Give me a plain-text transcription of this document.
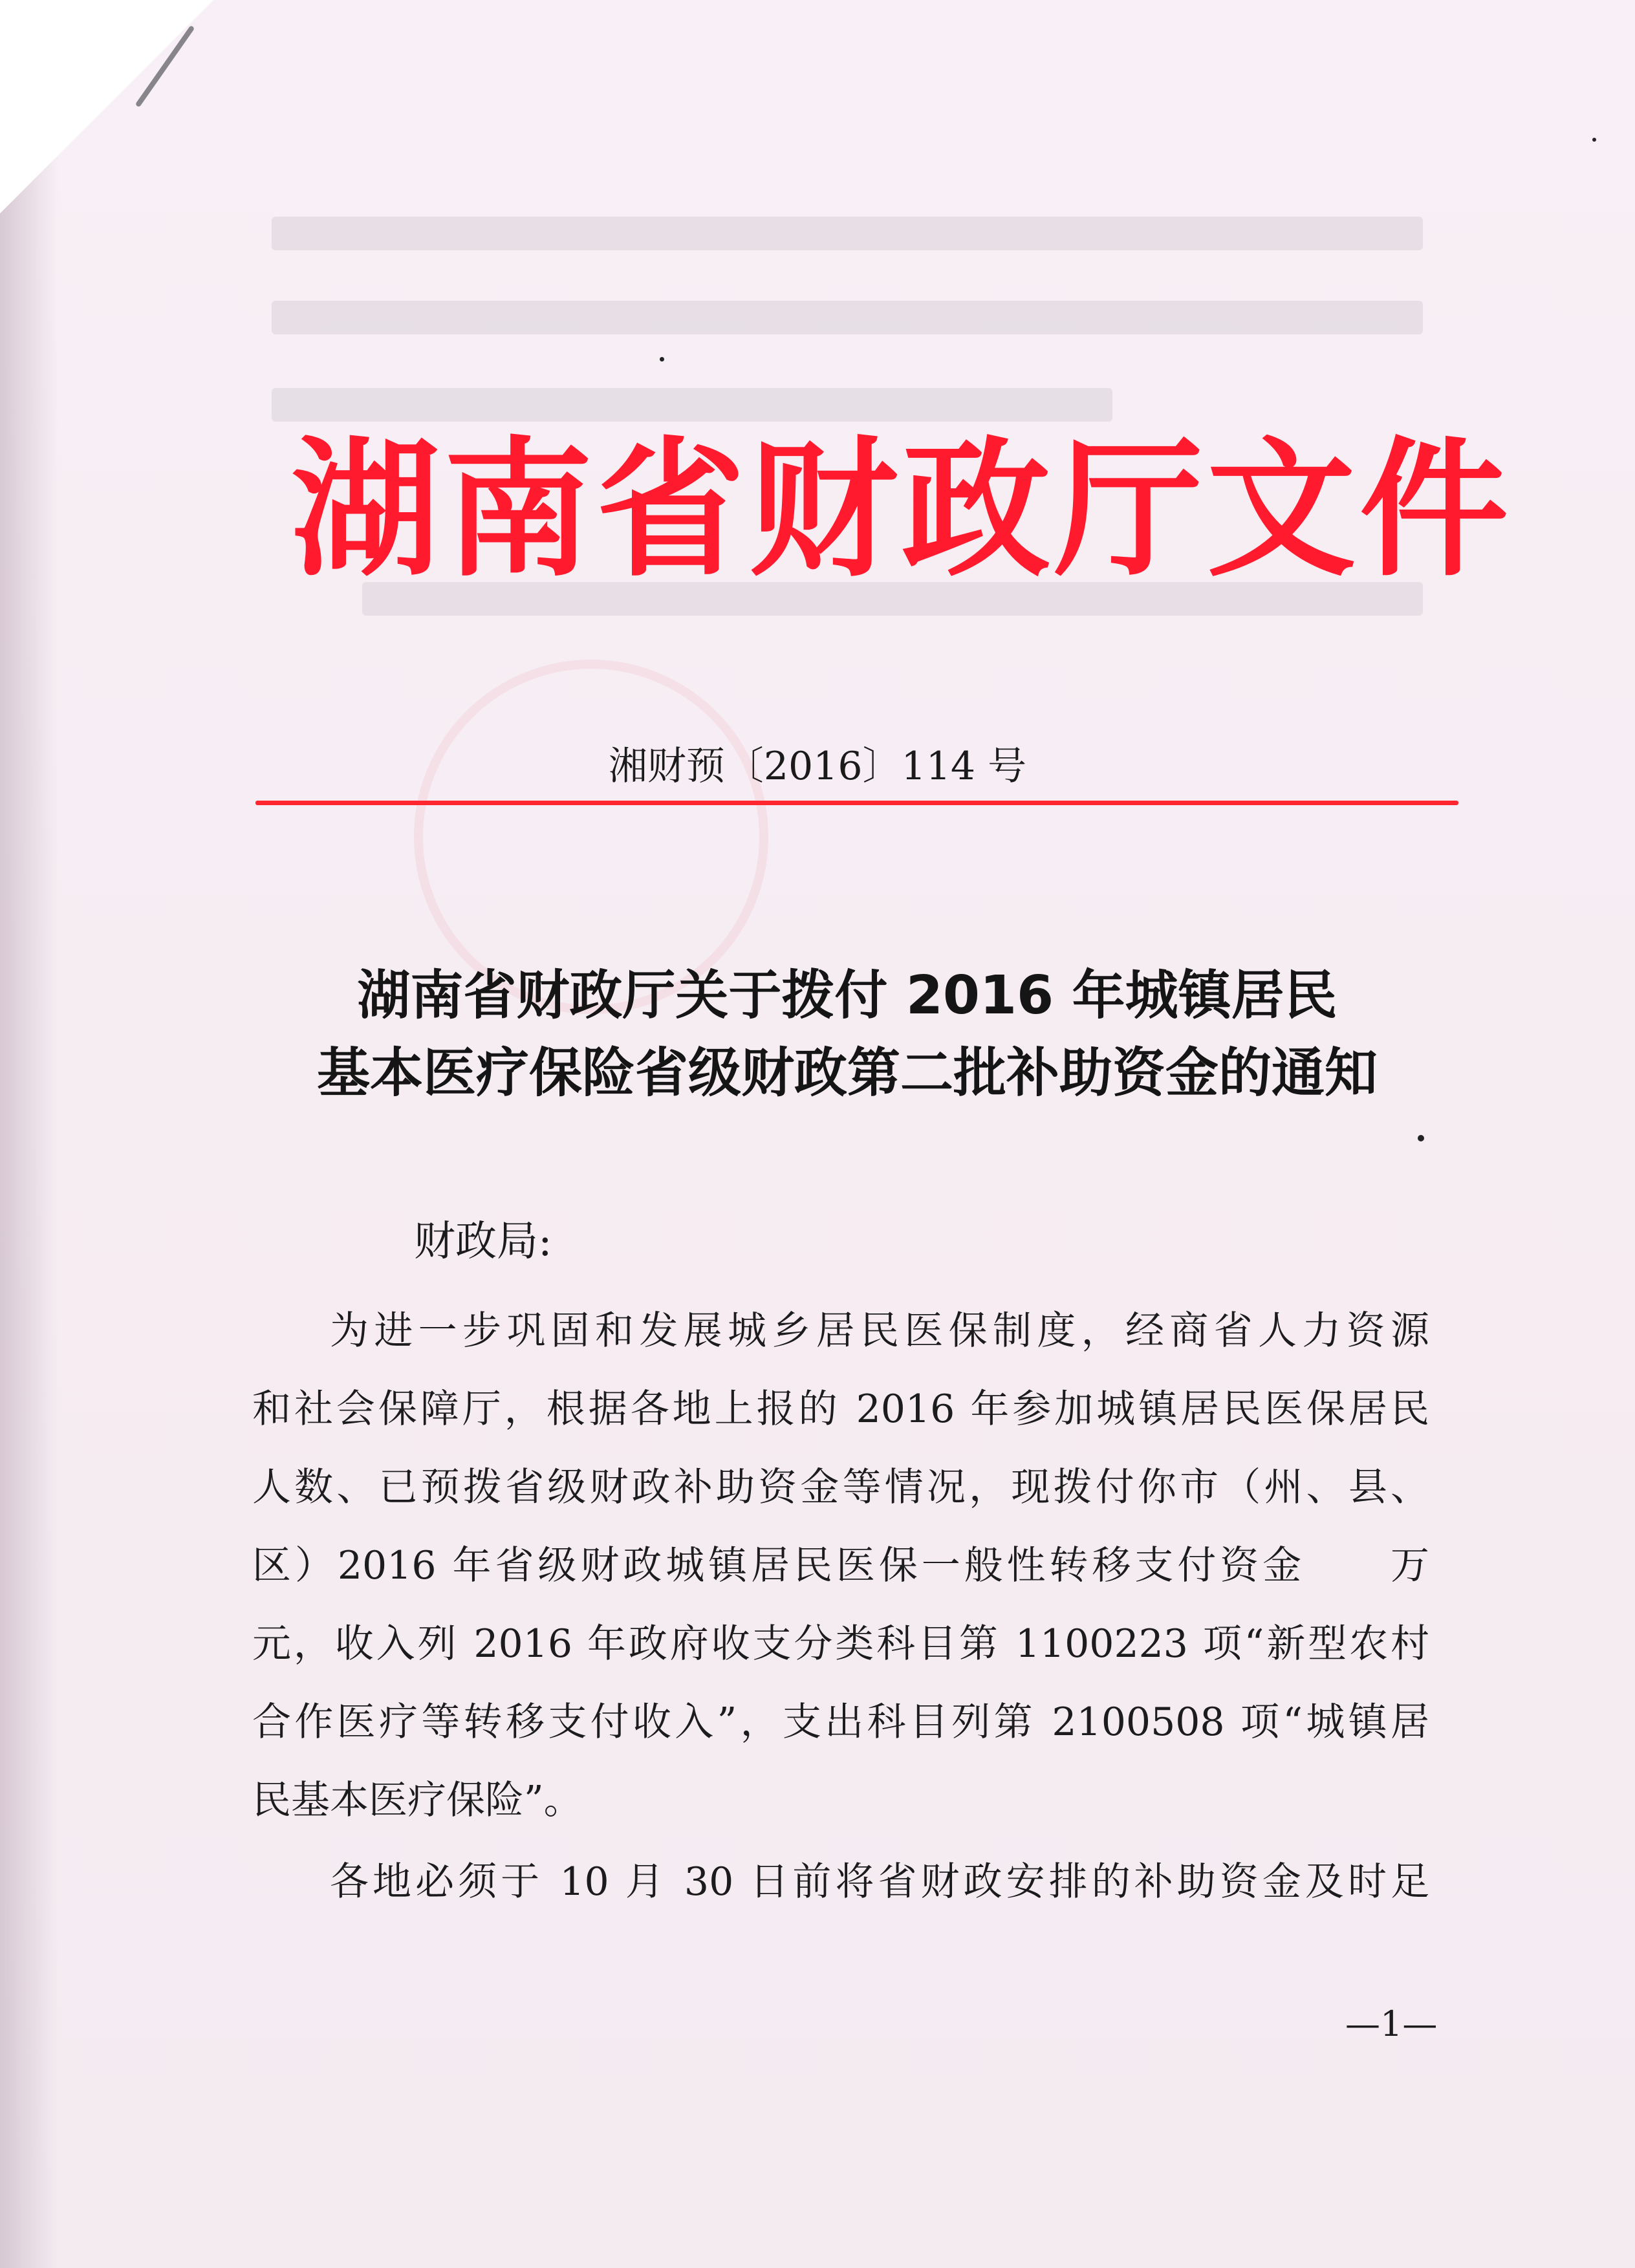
湖南省财政厅文件
湘财预〔2016〕114 号
湖南省财政厅关于拨付 2016 年城镇居民
基本医疗保险省级财政第二批补助资金的通知
财政局:
为进一步巩固和发展城乡居民医保制度，经商省人力资源
和社会保障厅，根据各地上报的 2016 年参加城镇居民医保居民
人数、已预拨省级财政补助资金等情况，现拨付你市（州、县、
区）2016 年省级财政城镇居民医保一般性转移支付资金　　万
元，收入列 2016 年政府收支分类科目第 1100223 项“新型农村
合作医疗等转移支付收入”，支出科目列第 2100508 项“城镇居
民基本医疗保险”。
各地必须于 10 月 30 日前将省财政安排的补助资金及时足
—1—
